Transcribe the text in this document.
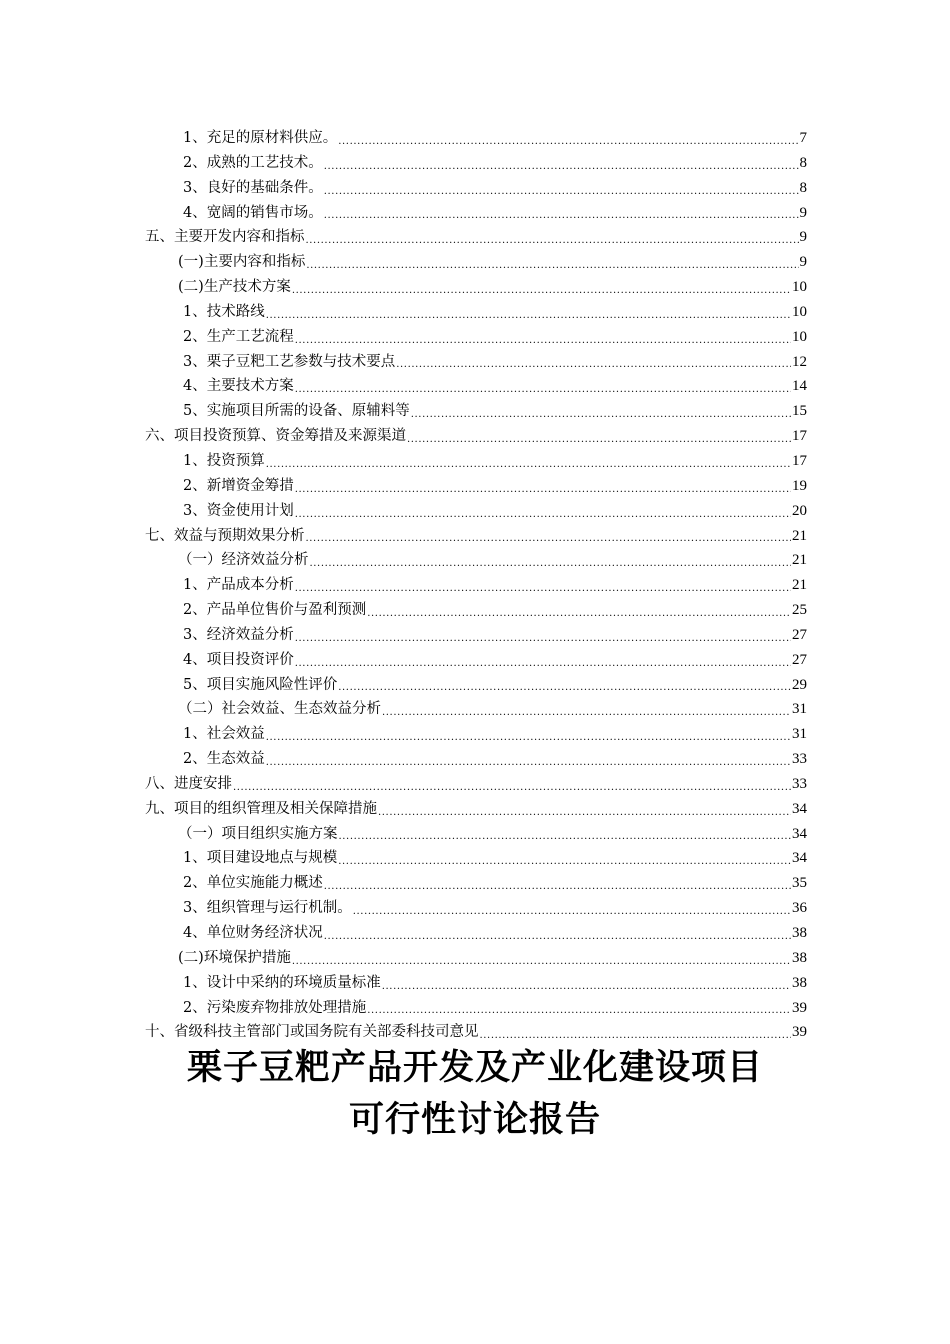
1、充足的原材料供应。 .....	7
2、成熟的工艺技术。 .....	8
3、良好的基础条件。 .....	8
4、宽阔的销售市场。 .....	9
五、主要开发内容和指标 .....	9
(一)主要内容和指标 .....	9
(二)生产技术方案 .....	10
1、技术路线 .....	10
2、生产工艺流程 .....	10
3、栗子豆粑工艺参数与技术要点 .....	12
4、主要技术方案 .....	14
5、实施项目所需的设备、原辅料等 .....	15
六、项目投资预算、资金筹措及来源渠道 .....	17
1、投资预算 .....	17
2、新增资金筹措 .....	19
3、资金使用计划 .....	20
七、效益与预期效果分析 .....	21
（一）经济效益分析 .....	21
1、产品成本分析 .....	21
2、产品单位售价与盈利预测 .....	25
3、经济效益分析 .....	27
4、项目投资评价 .....	27
5、项目实施风险性评价 .....	29
（二）社会效益、生态效益分析 .....	31
1、社会效益 .....	31
2、生态效益 .....	33
八、进度安排 .....	33
九、项目的组织管理及相关保障措施 .....	34
（一）项目组织实施方案 .....	34
1、项目建设地点与规模 .....	34
2、单位实施能力概述 .....	35
3、组织管理与运行机制。 .....	36
4、单位财务经济状况 .....	38
(二)环境保护措施 .....	38
1、设计中采纳的环境质量标准 .....	38
2、污染废弃物排放处理措施 .....	39
十、省级科技主管部门或国务院有关部委科技司意见 .....	39
栗子豆粑产品开发及产业化建设项目
可行性讨论报告
